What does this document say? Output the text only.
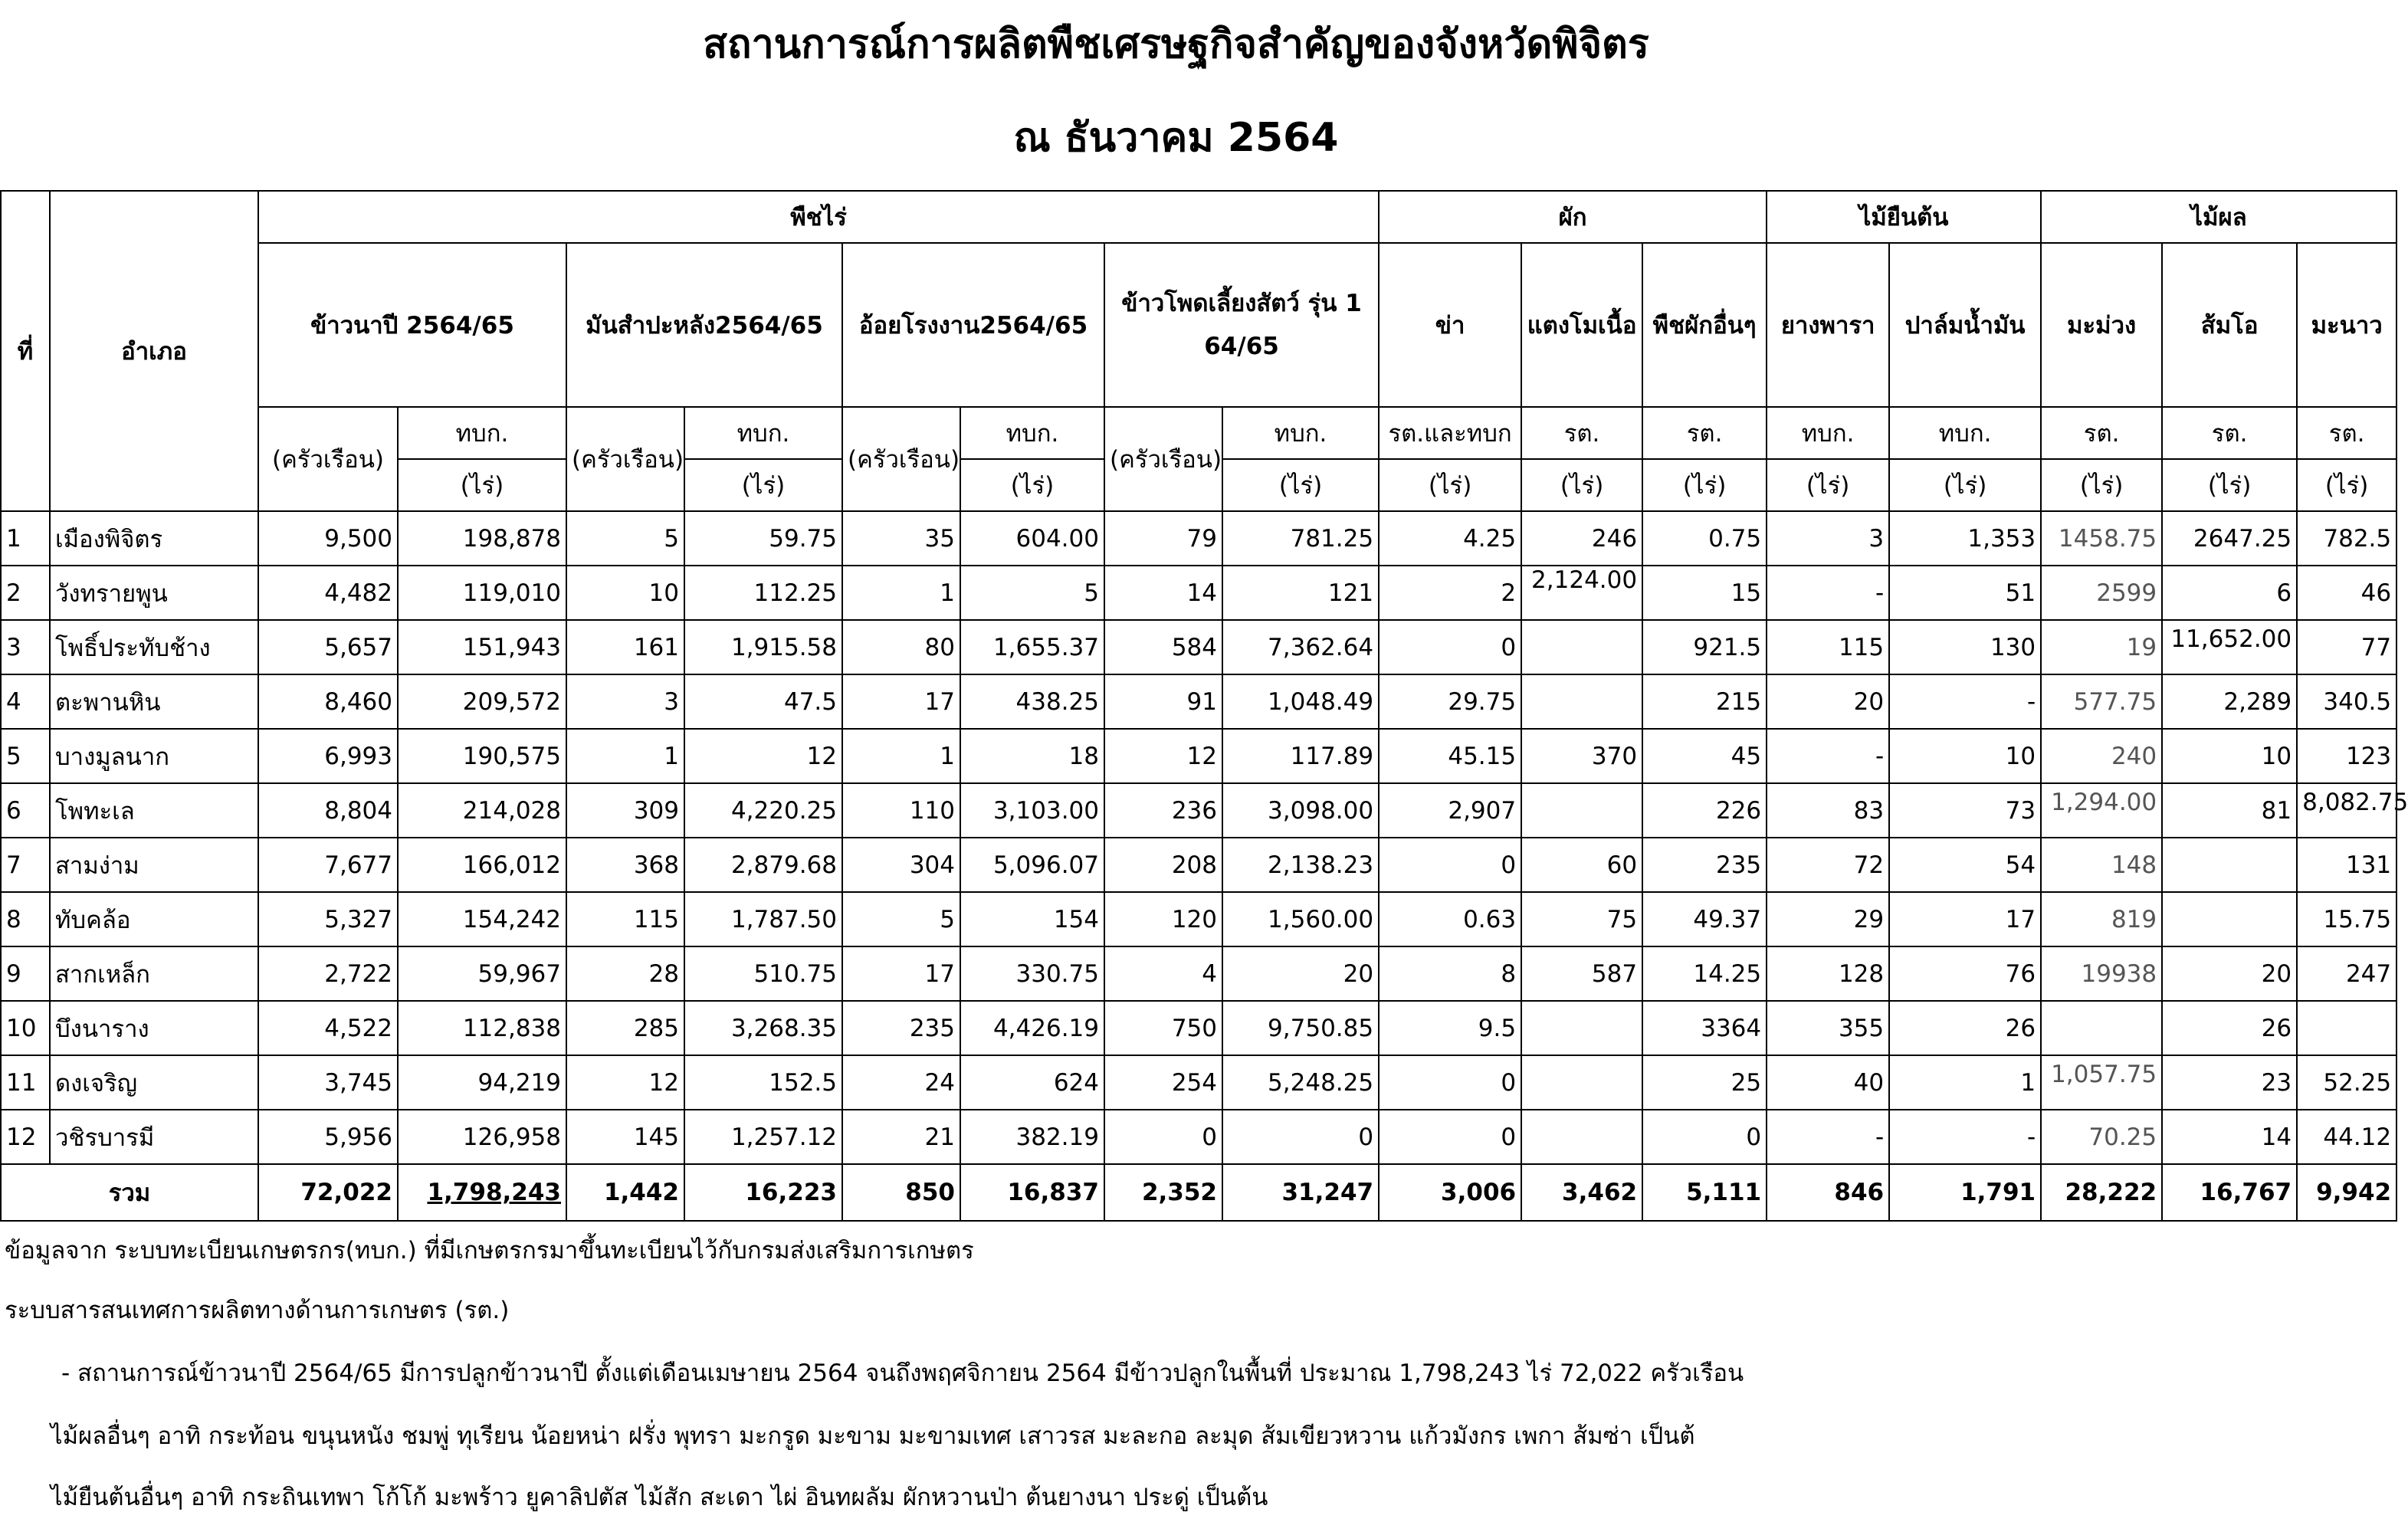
สถานการณ์การผลิตพืชเศรษฐกิจสำคัญของจังหวัดพิจิตร
ณ ธันวาคม 2564
ที่	อำเภอ	พืชไร่								ผัก			ไม้ยืนต้น		ไม้ผล			
		ข้าวนาปี 2564/65		มันสำปะหลัง2564/65		อ้อยโรงงาน2564/65		ข้าวโพดเลี้ยงสัตว์ รุ่น 1 64/65		ข่า	แตงโมเนื้อ	พืชผักอื่นๆ	ยางพารา	ปาล์มน้ำมัน	มะม่วง	ส้มโอ	มะนาว	
		(ครัวเรือน)	ทบก.	(ครัวเรือน)	ทบก.	(ครัวเรือน)	ทบก.	(ครัวเรือน)	ทบก.	รต.และทบก	รต.	รต.	ทบก.	ทบก.	รต.	รต.	รต.	
			(ไร่)		(ไร่)		(ไร่)		(ไร่)	(ไร่)	(ไร่)	(ไร่)	(ไร่)	(ไร่)	(ไร่)	(ไร่)	(ไร่)				
1	เมืองพิจิตร	9,500	198,878	5	59.75	35	604.00	79	781.25	4.25	246	0.75	3	1,353	1458.75	2647.25	782.5	
2	วังทรายพูน	4,482	119,010	10	112.25	1	5	14	121	2	2,124.00	15	-	51	2599	6	46	
3	โพธิ์ประทับช้าง	5,657	151,943	161	1,915.58	80	1,655.37	584	7,362.64	0		921.5	115	130	19	11,652.00	77	
4	ตะพานหิน	8,460	209,572	3	47.5	17	438.25	91	1,048.49	29.75		215	20	-	577.75	2,289	340.5	
5	บางมูลนาก	6,993	190,575	1	12	1	18	12	117.89	45.15	370	45	-	10	240	10	123	
6	โพทะเล	8,804	214,028	309	4,220.25	110	3,103.00	236	3,098.00	2,907		226	83	73	1,294.00	81	8,082.75	
7	สามง่าม	7,677	166,012	368	2,879.68	304	5,096.07	208	2,138.23	0	60	235	72	54	148		131	
8	ทับคล้อ	5,327	154,242	115	1,787.50	5	154	120	1,560.00	0.63	75	49.37	29	17	819		15.75	
9	สากเหล็ก	2,722	59,967	28	510.75	17	330.75	4	20	8	587	14.25	128	76	19938	20	247	
10	บึงนาราง	4,522	112,838	285	3,268.35	235	4,426.19	750	9,750.85	9.5		3364	355	26		26		
11	ดงเจริญ	3,745	94,219	12	152.5	24	624	254	5,248.25	0		25	40	1	1,057.75	23	52.25	
12	วชิรบารมี	5,956	126,958	145	1,257.12	21	382.19	0	0	0		0	-	-	70.25	14	44.12	
รวม		72,022	1,798,243	1,442	16,223	850	16,837	2,352	31,247	3,006	3,462	5,111	846	1,791	28,222	16,767	9,942	
ข้อมูลจาก ระบบทะเบียนเกษตรกร(ทบก.) ที่มีเกษตรกรมาขึ้นทะเบียนไว้กับกรมส่งเสริมการเกษตร
ระบบสารสนเทศการผลิตทางด้านการเกษตร (รต.)
- สถานการณ์ข้าวนาปี 2564/65 มีการปลูกข้าวนาปี ตั้งแต่เดือนเมษายน 2564 จนถึงพฤศจิกายน 2564 มีข้าวปลูกในพื้นที่ ประมาณ 1,798,243 ไร่ 72,022 ครัวเรือน
ไม้ผลอื่นๆ อาทิ กระท้อน ขนุนหนัง ชมพู่ ทุเรียน น้อยหน่า ฝรั่ง พุทรา มะกรูด มะขาม มะขามเทศ เสาวรส มะละกอ ละมุด ส้มเขียวหวาน แก้วมังกร เพกา ส้มซ่า เป็นต้
ไม้ยืนต้นอื่นๆ อาทิ กระถินเทพา โก้โก้ มะพร้าว ยูคาลิปตัส ไม้สัก สะเดา ไผ่ อินทผลัม ผักหวานป่า ต้นยางนา ประดู่ เป็นต้น
